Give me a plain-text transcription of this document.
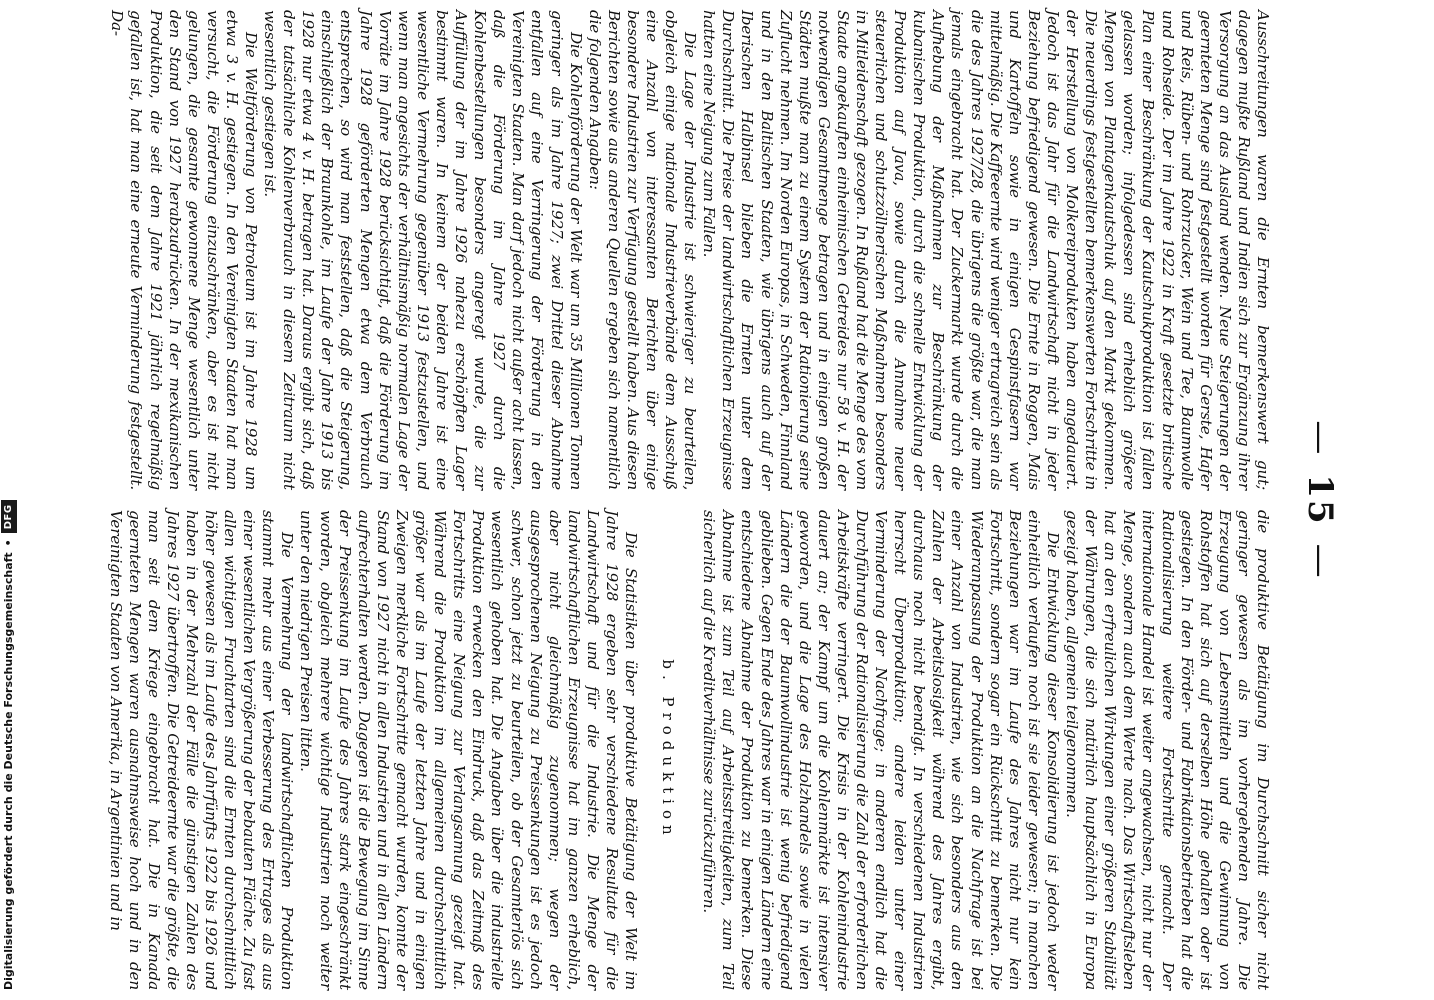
—
15
—

Ausschreitungen waren die Ernten bemerkenswert gut; dagegen mußte Rußland und Indien sich zur Ergänzung ihrer Versorgung an das Ausland wenden. Neue Steigerungen der geernteten Menge sind festgestellt worden für Gerste, Hafer und Reis, Rüben- und Rohrzucker, Wein und Tee, Baumwolle und Rohseide. Der im Jahre 1922 in Kraft gesetzte britische Plan einer Beschränkung der Kautschukproduktion ist fallen gelassen worden; infolgedessen sind erheblich größere Mengen von Plantagenkautschuk auf den Markt gekommen. Die neuerdings festgestellten bemerkenswerten Fortschritte in der Herstellung von Molkereiprodukten haben angedauert. Jedoch ist das Jahr für die Landwirtschaft nicht in jeder Beziehung befriedigend gewesen. Die Ernte in Roggen, Mais und Kartoffeln sowie in einigen Gespinstfasern war mittelmäßig. Die Kaffeeernte wird weniger ertragreich sein als die des Jahres 1927/28, die übrigens die größte war, die man jemals eingebracht hat. Der Zuckermarkt wurde durch die Aufhebung der Maßnahmen zur Beschränkung der kubanischen Produktion, durch die schnelle Entwicklung der Produktion auf Java, sowie durch die Annahme neuer steuerlichen und schutzzöllnerischen Maßnahmen besonders in Mitleidenschaft gezogen. In Rußland hat die Menge des vom Staate angekauften einheimischen Getreides nur 58 v. H. der notwendigen Gesamtmenge betragen und in einigen großen Städten mußte man zu einem System der Rationierung seine Zuflucht nehmen. Im Norden Europas, in Schweden, Finnland und in den Baltischen Staaten, wie übrigens auch auf der Iberischen Halbinsel blieben die Ernten unter dem Durchschnitt. Die Preise der landwirtschaftlichen Erzeugnisse hatten eine Neigung zum Fallen.

Die Lage der Industrie ist schwieriger zu beurteilen, obgleich einige nationale Industrieverbände dem Ausschuß eine Anzahl von interessanten Berichten über einige besondere Industrien zur Verfügung gestellt haben. Aus diesen Berichten sowie aus anderen Quellen ergeben sich namentlich die folgenden Angaben:

Die Kohlenförderung der Welt war um 35 Millionen Tonnen geringer als im Jahre 1927; zwei Drittel dieser Abnahme entfallen auf eine Verringerung der Förderung in den Vereinigten Staaten. Man darf jedoch nicht außer acht lassen, daß die Förderung im Jahre 1927 durch die Kohlenbestellungen besonders angeregt wurde, die zur Auffüllung der im Jahre 1926 nahezu erschöpften Lager bestimmt waren. In keinem der beiden Jahre ist eine wesentliche Vermehrung gegenüber 1913 festzustellen, und wenn man angesichts der verhältnismäßig normalen Lage der Vorräte im Jahre 1928 berücksichtigt, daß die Förderung im Jahre 1928 geförderten Mengen etwa dem Verbrauch entsprechen, so wird man feststellen, daß die Steigerung, einschließlich der Braunkohle, im Laufe der Jahre 1913 bis 1928 nur etwa 4 v. H. betragen hat. Daraus ergibt sich, daß der tatsächliche Kohlenverbrauch in diesem Zeitraum nicht wesentlich gestiegen ist.

Die Weltförderung von Petroleum ist im Jahre 1928 um etwa 3 v. H. gestiegen. In den Vereinigten Staaten hat man versucht, die Förderung einzuschränken, aber es ist nicht gelungen, die gesamte gewonnene Menge wesentlich unter den Stand von 1927 herabzudrücken. In der mexikanischen Produktion, die seit dem Jahre 1921 jährlich regelmäßig gefallen ist, hat man eine erneute Verminderung festgestellt. Da-

die produktive Betätigung im Durchschnitt sicher nicht geringer gewesen als im vorhergehenden Jahre. Die Erzeugung von Lebensmitteln und die Gewinnung von Rohstoffen hat sich auf derselben Höhe gehalten oder ist gestiegen. In den Förder- und Fabrikationsbetrieben hat die Rationalisierung weitere Fortschritte gemacht. Der internationale Handel ist weiter angewachsen, nicht nur der Menge, sondern auch dem Werte nach. Das Wirtschaftsleben hat an den erfreulichen Wirkungen einer größeren Stabilität der Währungen, die sich natürlich hauptsächlich in Europa gezeigt haben, allgemein teilgenommen.

Die Entwicklung dieser Konsolidierung ist jedoch weder einheitlich verlaufen noch ist sie leider gewesen; in manchen Beziehungen war im Laufe des Jahres nicht nur kein Fortschritt, sondern sogar ein Rückschritt zu bemerken. Die Wiederanpassung der Produktion an die Nachfrage ist bei einer Anzahl von Industrien, wie sich besonders aus den Zahlen der Arbeitslosigkeit während des Jahres ergibt, durchaus noch nicht beendigt. In verschiedenen Industrien herrscht Überproduktion; andere leiden unter einer Verminderung der Nachfrage; in anderen endlich hat die Durchführung der Rationalisierung die Zahl der erforderlichen Arbeitskräfte verringert. Die Krisis in der Kohlenindustrie dauert an; der Kampf um die Kohlenmärkte ist intensiver geworden, und die Lage des Holzhandels sowie in vielen Ländern die der Baumwollindustrie ist wenig befriedigend geblieben. Gegen Ende des Jahres war in einigen Ländern eine entschiedene Abnahme der Produktion zu bemerken. Diese Abnahme ist zum Teil auf Arbeitsstreitigkeiten, zum Teil sicherlich auf die Kreditverhältnisse zurückzuführen.

b. Produktion

Die Statistiken über produktive Betätigung der Welt im Jahre 1928 ergeben sehr verschiedene Resultate für die Landwirtschaft und für die Industrie. Die Menge der landwirtschaftlichen Erzeugnisse hat im ganzen erheblich, aber nicht gleichmäßig zugenommen; wegen der ausgesprochenen Neigung zu Preissenkungen ist es jedoch schwer, schon jetzt zu beurteilen, ob der Gesamterlös sich wesentlich gehoben hat. Die Angaben über die industrielle Produktion erwecken den Eindruck, daß das Zeitmaß des Fortschritts eine Neigung zur Verlangsamung gezeigt hat. Während die Produktion im allgemeinen durchschnittlich größer war als im Laufe der letzten Jahre und in einigen Zweigen merkliche Fortschritte gemacht wurden, konnte der Stand von 1927 nicht in allen Industrien und in allen Ländern aufrechterhalten werden. Dagegen ist die Bewegung im Sinne der Preissenkung im Laufe des Jahres stark eingeschränkt worden, obgleich mehrere wichtige Industrien noch weiter unter den niedrigen Preisen litten.

Die Vermehrung der landwirtschaftlichen Produktion stammt mehr aus einer Verbesserung des Ertrages als aus einer wesentlichen Vergrößerung der bebauten Fläche. Zu fast allen wichtigen Fruchtarten sind die Ernten durchschnittlich höher gewesen als im Laufe des Jahrfünfts 1922 bis 1926 und haben in der Mehrzahl der Fälle die günstigen Zahlen des Jahres 1927 übertroffen. Die Getreideernte war die größte, die man seit dem Kriege eingebracht hat. Die in Kanada geernteten Mengen waren ausnahmsweise hoch und in den Vereinigten Staaten von Amerika, in Argentinien und in

Digitalisierung gefördert durch die Deutsche Forschungsgemeinschaft
•
DFG
